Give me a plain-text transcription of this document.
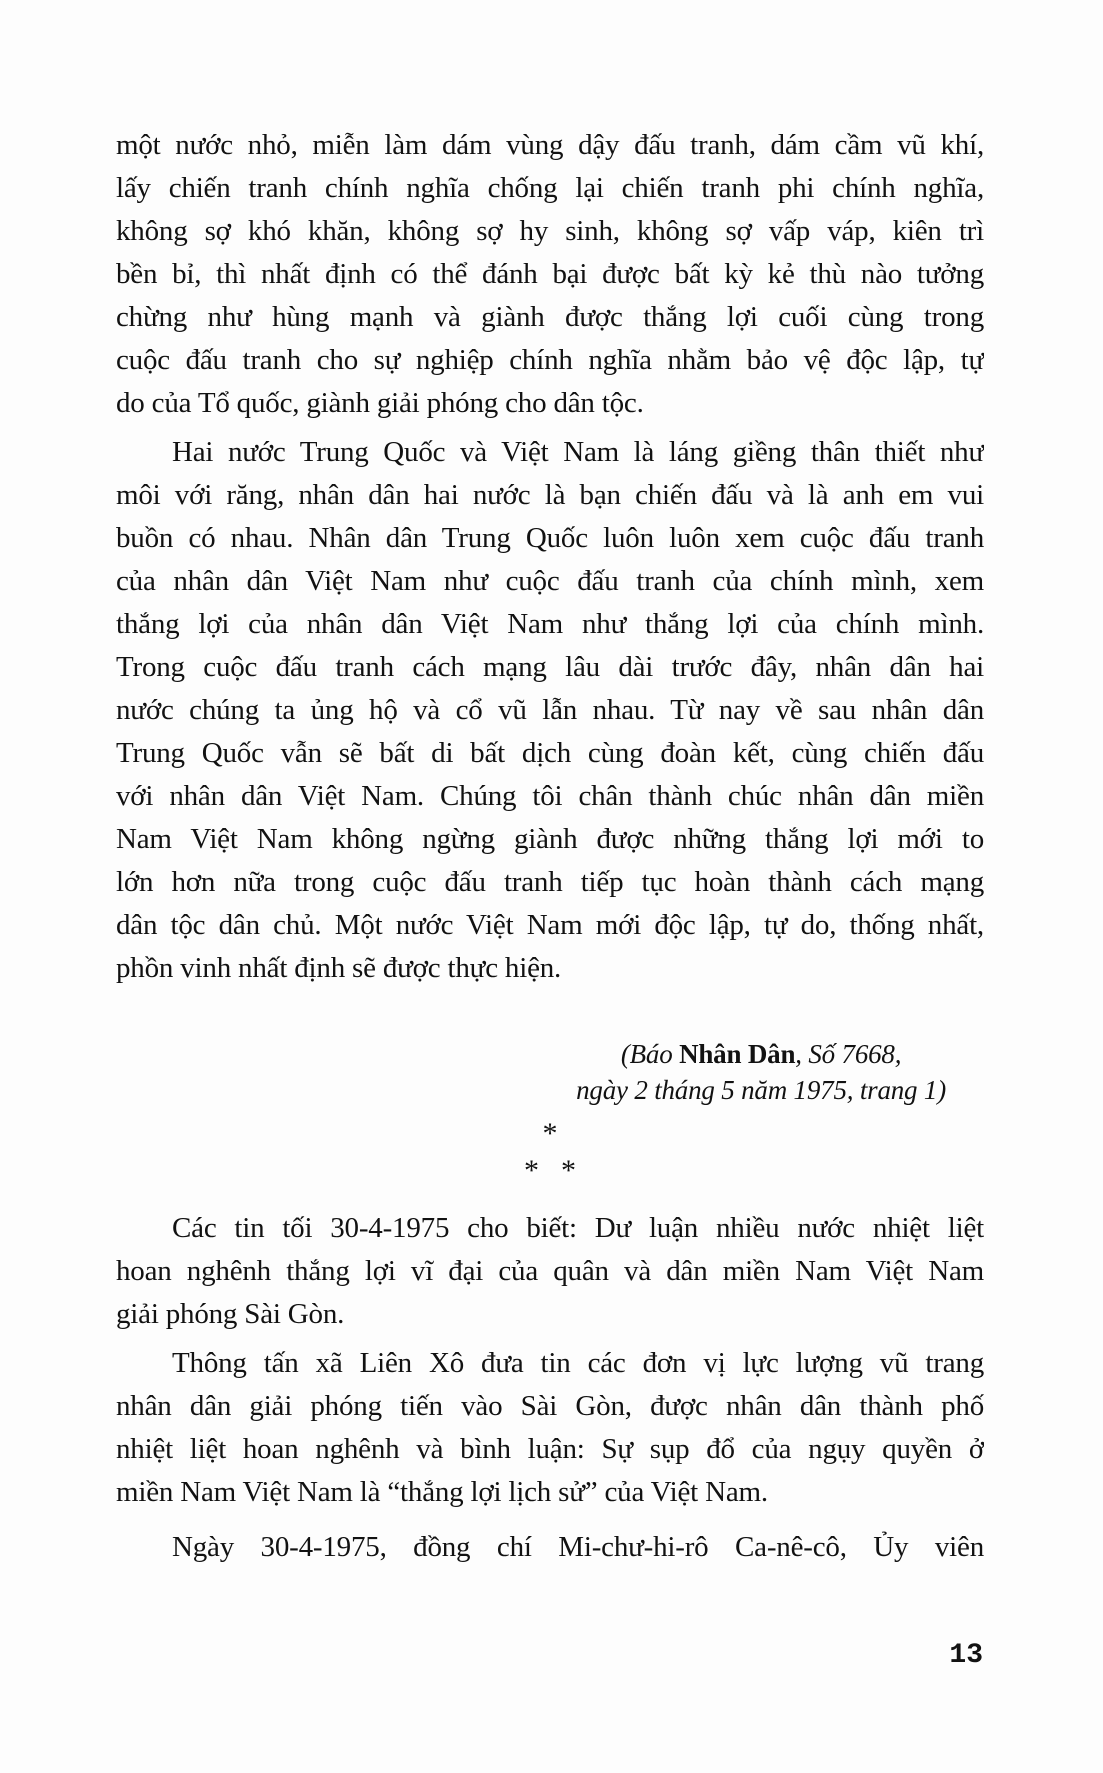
một nước nhỏ, miễn làm dám vùng dậy đấu tranh, dám cầm vũ khí,
lấy chiến tranh chính nghĩa chống lại chiến tranh phi chính nghĩa,
không sợ khó khăn, không sợ hy sinh, không sợ vấp váp, kiên trì
bền bỉ, thì nhất định có thể đánh bại được bất kỳ kẻ thù nào tưởng
chừng như hùng mạnh và giành được thắng lợi cuối cùng trong
cuộc đấu tranh cho sự nghiệp chính nghĩa nhằm bảo vệ độc lập, tự
do của Tổ quốc, giành giải phóng cho dân tộc.
Hai nước Trung Quốc và Việt Nam là láng giềng thân thiết như
môi với răng, nhân dân hai nước là bạn chiến đấu và là anh em vui
buồn có nhau. Nhân dân Trung Quốc luôn luôn xem cuộc đấu tranh
của nhân dân Việt Nam như cuộc đấu tranh của chính mình, xem
thắng lợi của nhân dân Việt Nam như thắng lợi của chính mình.
Trong cuộc đấu tranh cách mạng lâu dài trước đây, nhân dân hai
nước chúng ta ủng hộ và cổ vũ lẫn nhau. Từ nay về sau nhân dân
Trung Quốc vẫn sẽ bất di bất dịch cùng đoàn kết, cùng chiến đấu
với nhân dân Việt Nam. Chúng tôi chân thành chúc nhân dân miền
Nam Việt Nam không ngừng giành được những thắng lợi mới to
lớn hơn nữa trong cuộc đấu tranh tiếp tục hoàn thành cách mạng
dân tộc dân chủ. Một nước Việt Nam mới độc lập, tự do, thống nhất,
phồn vinh nhất định sẽ được thực hiện.
(Báo Nhân Dân, Số 7668,
ngày 2 tháng 5 năm 1975, trang 1)
*
* *
Các tin tối 30-4-1975 cho biết: Dư luận nhiều nước nhiệt liệt
hoan nghênh thắng lợi vĩ đại của quân và dân miền Nam Việt Nam
giải phóng Sài Gòn.
Thông tấn xã Liên Xô đưa tin các đơn vị lực lượng vũ trang
nhân dân giải phóng tiến vào Sài Gòn, được nhân dân thành phố
nhiệt liệt hoan nghênh và bình luận: Sự sụp đổ của ngụy quyền ở
miền Nam Việt Nam là “thắng lợi lịch sử” của Việt Nam.
Ngày 30-4-1975, đồng chí Mi-chư-hi-rô Ca-nê-cô, Ủy viên
13
